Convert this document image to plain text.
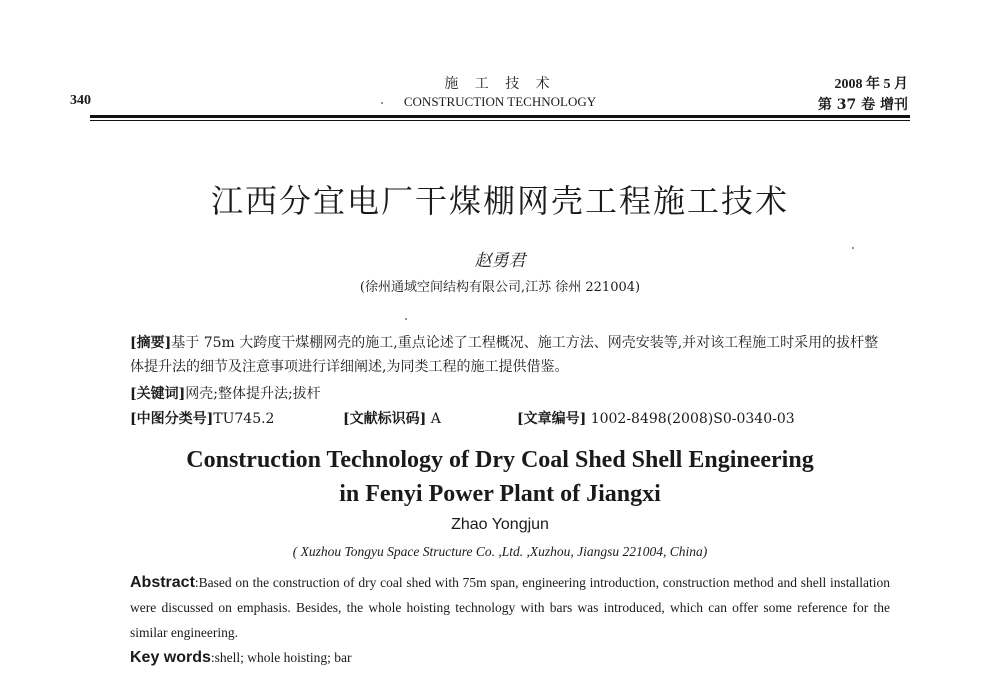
340
施 工 技 术
CONSTRUCTION TECHNOLOGY
2008 年 5 月
第 37 卷 增刊
江西分宜电厂干煤棚网壳工程施工技术
赵勇君
(徐州通域空间结构有限公司,江苏 徐州 221004)
[摘要]基于 75m 大跨度干煤棚网壳的施工,重点论述了工程概况、施工方法、网壳安装等,并对该工程施工时采用的拔杆整体提升法的细节及注意事项进行详细阐述,为同类工程的施工提供借鉴。
[关键词]网壳;整体提升法;拔杆
[中图分类号]TU745.2	[文献标识码] A	[文章编号] 1002-8498(2008)S0-0340-03
Construction Technology of Dry Coal Shed Shell Engineering
in Fenyi Power Plant of Jiangxi
Zhao Yongjun
( Xuzhou Tongyu Space Structure Co. ,Ltd. ,Xuzhou, Jiangsu 221004, China)
Abstract:Based on the construction of dry coal shed with 75m span, engineering introduction, construction method and shell installation were discussed on emphasis. Besides, the whole hoisting technology with bars was introduced, which can offer some reference for the similar engineering.
Key words:shell; whole hoisting; bar
